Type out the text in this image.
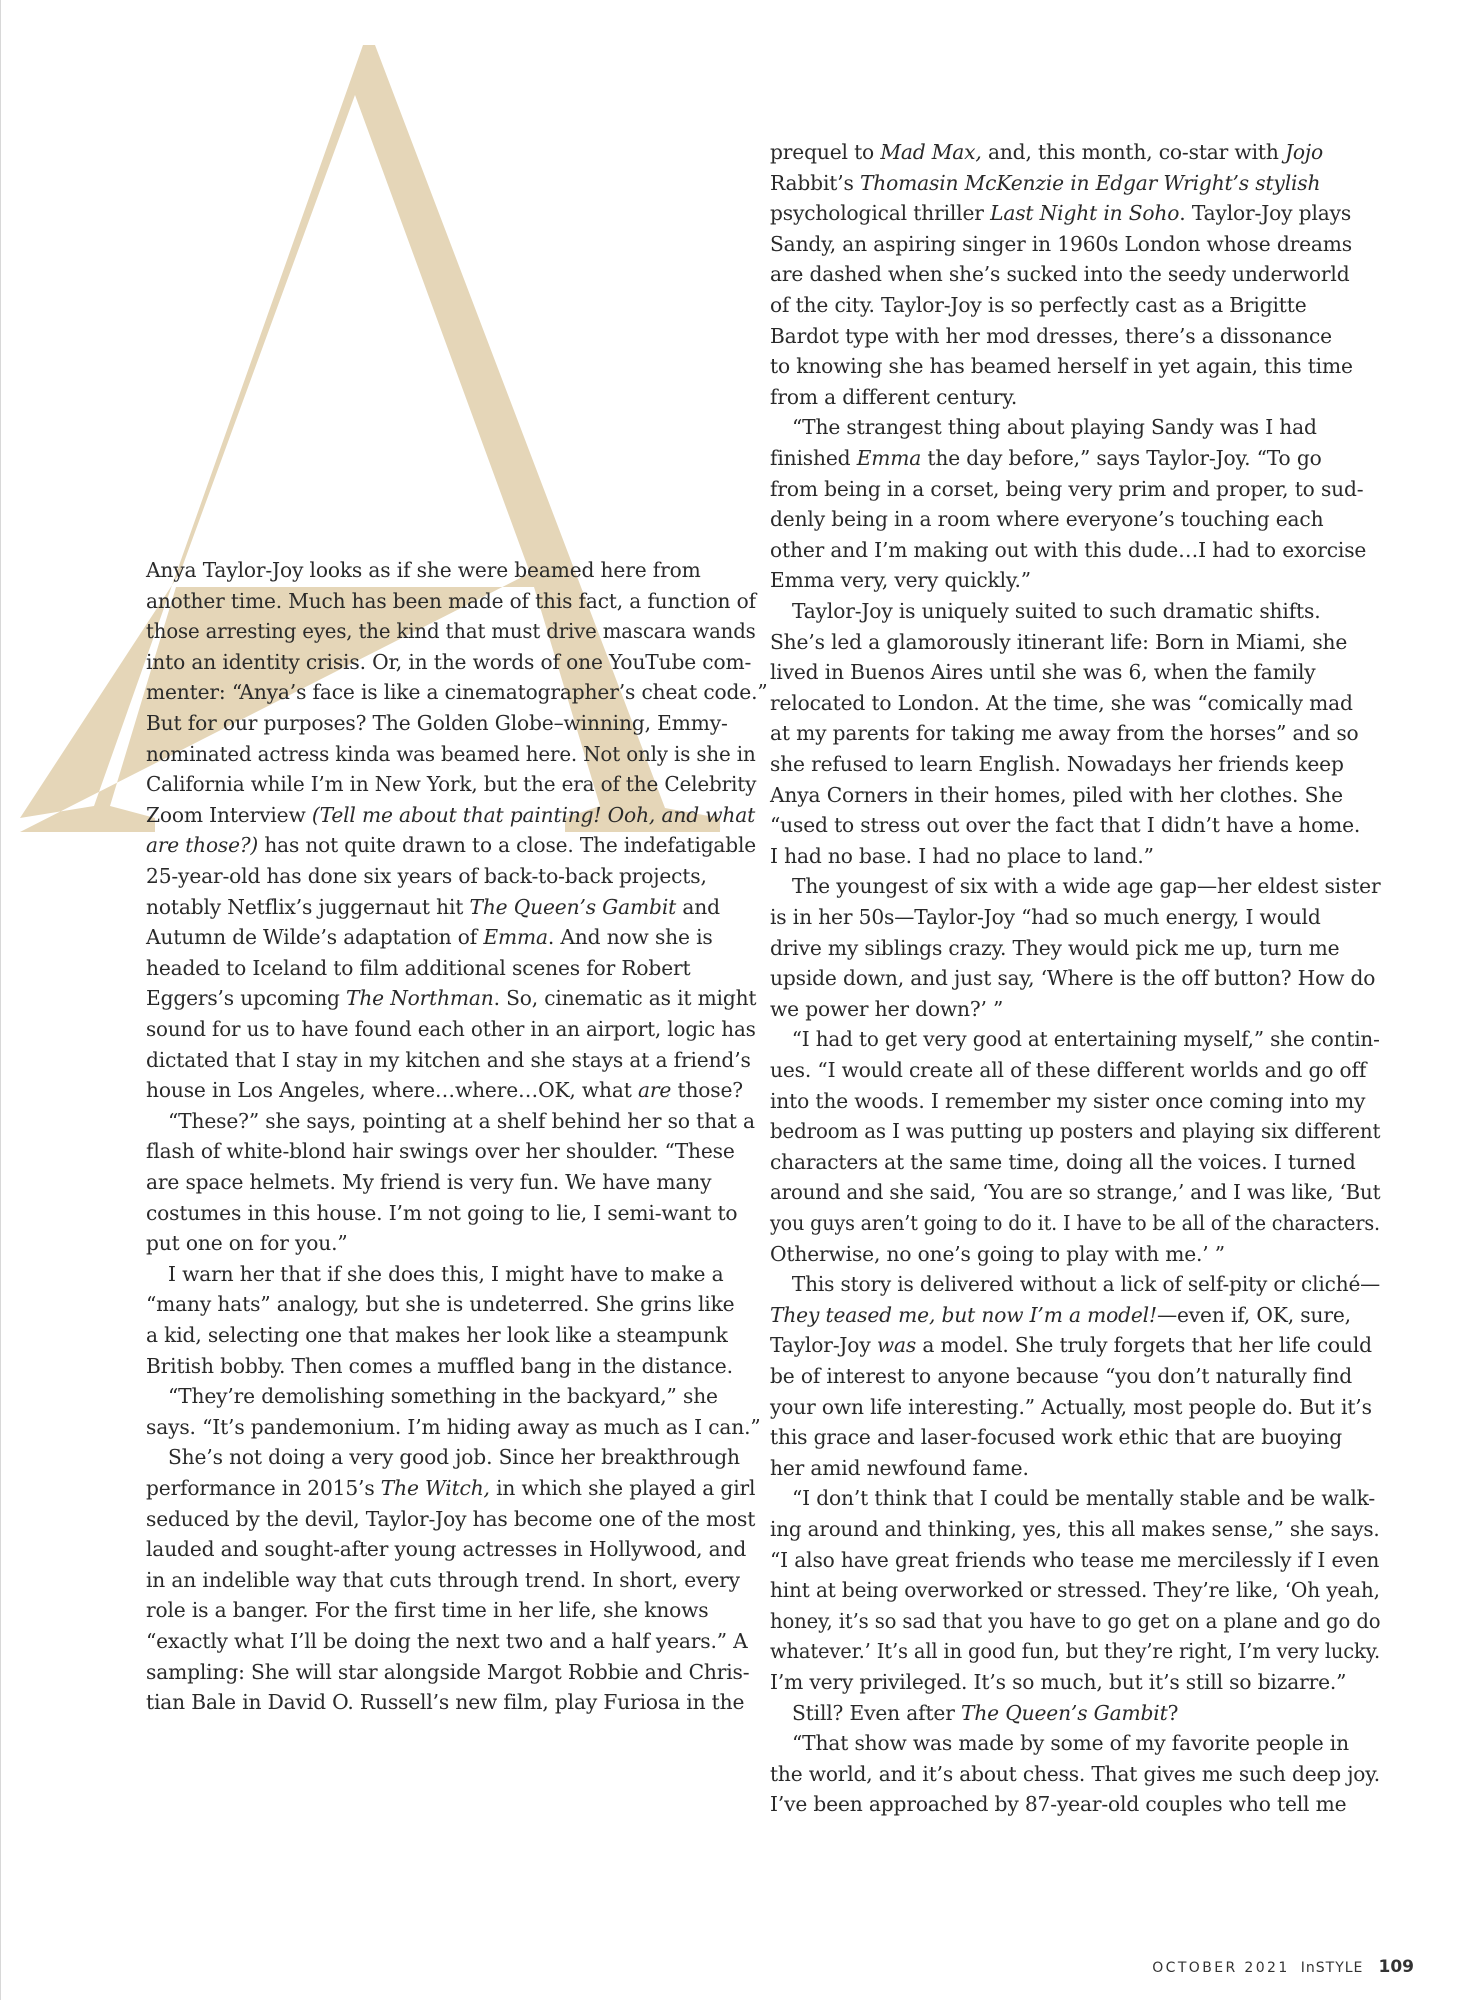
Anya Taylor-Joy looks as if she were beamed here from
another time. Much has been made of this fact, a function of
those arresting eyes, the kind that must drive mascara wands
into an identity crisis. Or, in the words of one YouTube com-
menter: “Anya’s face is like a cinematographer’s cheat code.”
But for our purposes? The Golden Globe–winning, Emmy-
nominated actress kinda was beamed here. Not only is she in
California while I’m in New York, but the era of the Celebrity
Zoom Interview (Tell me about that painting! Ooh, and what
are those?) has not quite drawn to a close. The indefatigable
25-year-old has done six years of back-to-back projects,
notably Netflix’s juggernaut hit The Queen’s Gambit and
Autumn de Wilde’s adaptation of Emma. And now she is
headed to Iceland to film additional scenes for Robert
Eggers’s upcoming The Northman. So, cinematic as it might
sound for us to have found each other in an airport, logic has
dictated that I stay in my kitchen and she stays at a friend’s
house in Los Angeles, where…where…OK, what are those?
“These?” she says, pointing at a shelf behind her so that a
flash of white-blond hair swings over her shoulder. “These
are space helmets. My friend is very fun. We have many
costumes in this house. I’m not going to lie, I semi-want to
put one on for you.”
I warn her that if she does this, I might have to make a
“many hats” analogy, but she is undeterred. She grins like
a kid, selecting one that makes her look like a steampunk
British bobby. Then comes a muffled bang in the distance.
“They’re demolishing something in the backyard,” she
says. “It’s pandemonium. I’m hiding away as much as I can.”
She’s not doing a very good job. Since her breakthrough
performance in 2015’s The Witch, in which she played a girl
seduced by the devil, Taylor-Joy has become one of the most
lauded and sought-after young actresses in Hollywood, and
in an indelible way that cuts through trend. In short, every
role is a banger. For the first time in her life, she knows
“exactly what I’ll be doing the next two and a half years.” A
sampling: She will star alongside Margot Robbie and Chris-
tian Bale in David O. Russell’s new film, play Furiosa in the
prequel to Mad Max, and, this month, co-star with Jojo
Rabbit’s Thomasin McKenzie in Edgar Wright’s stylish
psychological thriller Last Night in Soho. Taylor-Joy plays
Sandy, an aspiring singer in 1960s London whose dreams
are dashed when she’s sucked into the seedy underworld
of the city. Taylor-Joy is so perfectly cast as a Brigitte
Bardot type with her mod dresses, there’s a dissonance
to knowing she has beamed herself in yet again, this time
from a different century.
“The strangest thing about playing Sandy was I had
finished Emma the day before,” says Taylor-Joy. “To go
from being in a corset, being very prim and proper, to sud-
denly being in a room where everyone’s touching each
other and I’m making out with this dude…I had to exorcise
Emma very, very quickly.”
Taylor-Joy is uniquely suited to such dramatic shifts.
She’s led a glamorously itinerant life: Born in Miami, she
lived in Buenos Aires until she was 6, when the family
relocated to London. At the time, she was “comically mad
at my parents for taking me away from the horses” and so
she refused to learn English. Nowadays her friends keep
Anya Corners in their homes, piled with her clothes. She
“used to stress out over the fact that I didn’t have a home.
I had no base. I had no place to land.”
The youngest of six with a wide age gap—her eldest sister
is in her 50s—Taylor-Joy “had so much energy, I would
drive my siblings crazy. They would pick me up, turn me
upside down, and just say, ‘Where is the off button? How do
we power her down?’ ”
“I had to get very good at entertaining myself,” she contin-
ues. “I would create all of these different worlds and go off
into the woods. I remember my sister once coming into my
bedroom as I was putting up posters and playing six different
characters at the same time, doing all the voices. I turned
around and she said, ‘You are so strange,’ and I was like, ‘But
you guys aren’t going to do it. I have to be all of the characters.
Otherwise, no one’s going to play with me.’ ”
This story is delivered without a lick of self-pity or cliché—
They teased me, but now I’m a model!—even if, OK, sure,
Taylor-Joy was a model. She truly forgets that her life could
be of interest to anyone because “you don’t naturally find
your own life interesting.” Actually, most people do. But it’s
this grace and laser-focused work ethic that are buoying
her amid newfound fame.
“I don’t think that I could be mentally stable and be walk-
ing around and thinking, yes, this all makes sense,” she says.
“I also have great friends who tease me mercilessly if I even
hint at being overworked or stressed. They’re like, ‘Oh yeah,
honey, it’s so sad that you have to go get on a plane and go do
whatever.’ It’s all in good fun, but they’re right, I’m very lucky.
I’m very privileged. It’s so much, but it’s still so bizarre.”
Still? Even after The Queen’s Gambit?
“That show was made by some of my favorite people in
the world, and it’s about chess. That gives me such deep joy.
I’ve been approached by 87-year-old couples who tell me
OCTOBER 2021 InSTYLE 109
